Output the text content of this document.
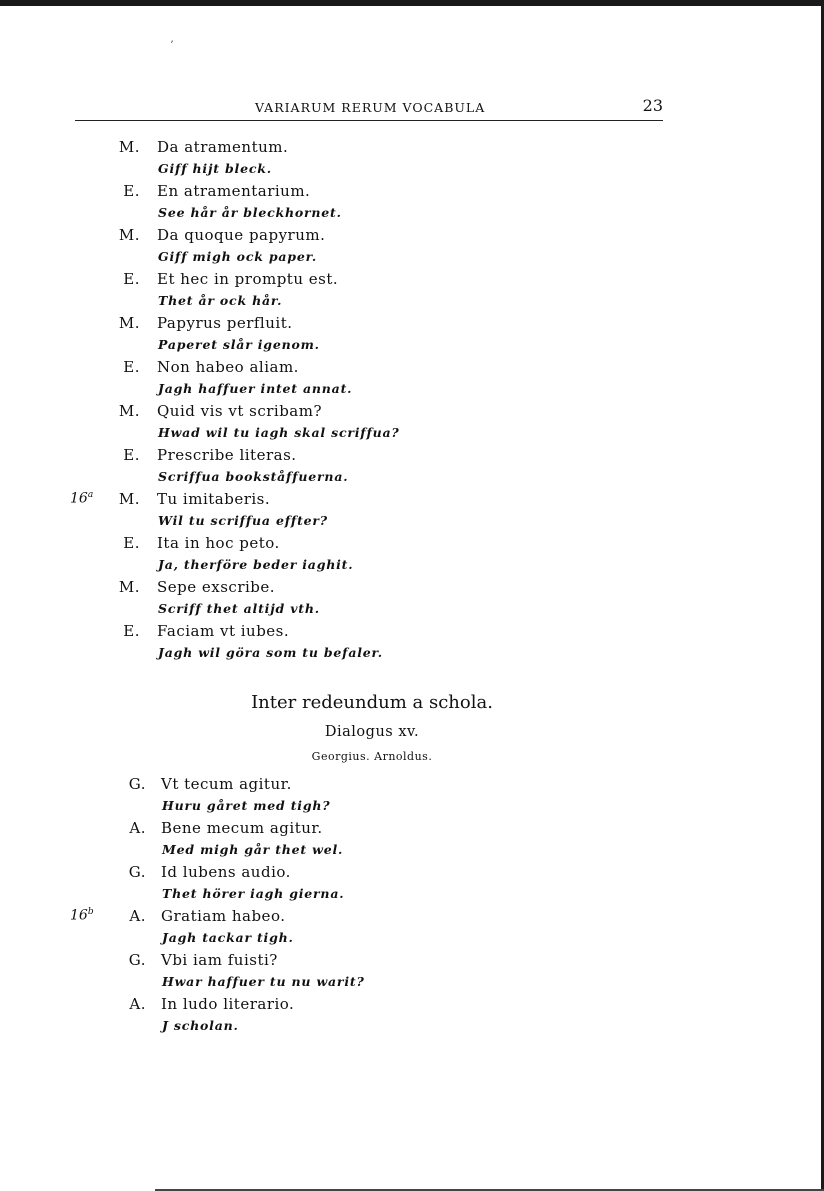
ʼ
VARIARUM RERUM VOCABULA	23
M. Da atramentum.
Giff hijt bleck.
E. En atramentarium.
See hår år bleckhornet.
M. Da quoque papyrum.
Giff migh ock paper.
E. Et hec in promptu est.
Thet år ock hår.
M. Papyrus perfluit.
Paperet slår igenom.
E. Non habeo aliam.
Jagh haffuer intet annat.
M. Quid vis vt scribam?
Hwad wil tu iagh skal scriffua?
E. Prescribe literas.
Scriffua bookståffuerna.
M. Tu imitaberis.
16$^a$
Wil tu scriffua effter?
E. Ita in hoc peto.
Ja, therföre beder iaghit.
M. Sepe exscribe.
Scriff thet altijd vth.
E. Faciam vt iubes.
Jagh wil göra som tu befaler.
Inter redeundum a schola.
Dialogus xv.
Georgius. Arnoldus.
G. Vt tecum agitur.
Huru gåret med tigh?
A. Bene mecum agitur.
Med migh går thet wel.
G. Id lubens audio.
Thet hörer iagh gierna.
A. Gratiam habeo.
16$^b$
Jagh tackar tigh.
G. Vbi iam fuisti?
Hwar haffuer tu nu warit?
A. In ludo literario.
J scholan.
